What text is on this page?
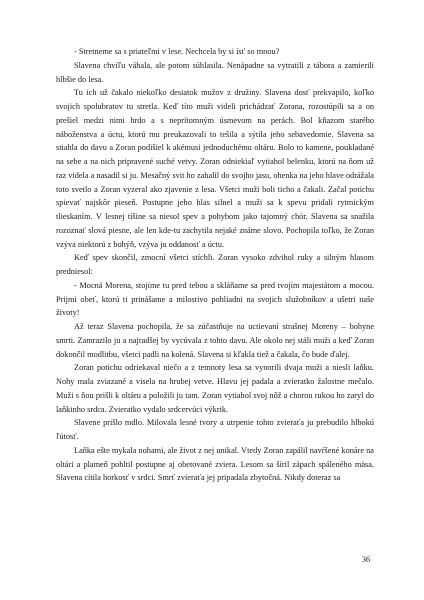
- Stretneme sa s priateľmi v lese. Nechcela by si ísť so mnou?

Slavena chvíľu váhala, ale potom súhlasila. Nenápadne sa vytratili z tábora a zamierili hlbšie do lesa.

Tu ich už čakalo niekoľko desiatok mužov z družiny. Slavena dosť prekvapilo, koľko svojich spolubratov tu stretla. Keď títo muži videli prichádzať Zorana, rozostúpili sa a on prešiel medzi nimi hrdo a s neprítomným úsmevom na perách. Bol kňazom starého náboženstva a úctu, ktorú mu preukazovali to tešila a sýtila jeho sebavedomie. Slavena sa stiahla do davu a Zoran podišiel k akémusi jednoduchému oltáru. Bolo to kamene, poukladané na sebe a na nich pripravené suché vetvy. Zoran odniekiaľ vytiahol belenku, ktorú na ňom už raz videla a nasadil si ju. Mesačný svit ho zahalil do svojho jasu, ohenka na jeho hlave odrážala toto svetlo a Zoran vyzeral ako zjavenie z lesa. Všetci muži boli ticho a čakali. Začal potichu spievať najskôr pieseň. Postupne jeho hlas silnel a muži sa k spevu pridali rytmickým tlieskaním. V lesnej tíšine sa niesol spev a pohybom jako tajomný chór. Slavena sa snažila rozoznať slová piesne, ale len kde-tu zachytila nejaké známe slovo. Pochopila toľko, že Zoran vzýva niektorú z bohýň, vzýva ju oddanosť a úctu.

Keď spev skončil, zmocní všetci stíchli. Zoran vysoko zdvihol ruky a silným hlasom predniesol:

- Mocná Morena, stojíme tu pred tebou a skláňame sa pred tvojím majestátom a mocou. Prijmi obeť, ktorú ti prinášame a milostivo pohliadni na svojich služobníkov a ušetri naše životy!

Až teraz Slavena pochopila, že sa zúčastňuje na uctievaní strašnej Moreny – bohyne smrti. Zamrazilo ju a najradšej by vycúvala z tohto davu. Ale okolo nej stáli muži a keď Zoran dokončil modlitbu, všetci padli na kolená. Slavena si kľakla tiež a čakala, čo bude ďalej.

Zoran potichu odriekaval niečo a z temnoty lesa sa vynorili dvaja muži a niesli laňku. Nohy mala zviazané a visela na hrubej vetve. Hlavu jej padala a zvieratko žalostne mečalo. Muži s ňou prišli k oltáru a položili ju tam. Zoran vytiahol svoj nôž a chorou rukou ho zaryl do laňkinho srdca. Zvieratko vydalo srdcervúci výkrik.

Slavene prišlo mdlo. Milovala lesné tvory a utrpenie tohto zvieraťa ju prebudilo hlbokú ľútosť.

Laňka ešte mykala nohami, ale život z nej unikal. Vtedy Zoran zapálil navŕšené konáre na oltári a plameň pohltil postupne aj obetované zviera. Lesom sa šíril zápach spáleného mäsa. Slavena cítila horkosť v srdci. Smrť zvieraťa jej pripadala zbytočná. Nikdy doteraz sa

36
